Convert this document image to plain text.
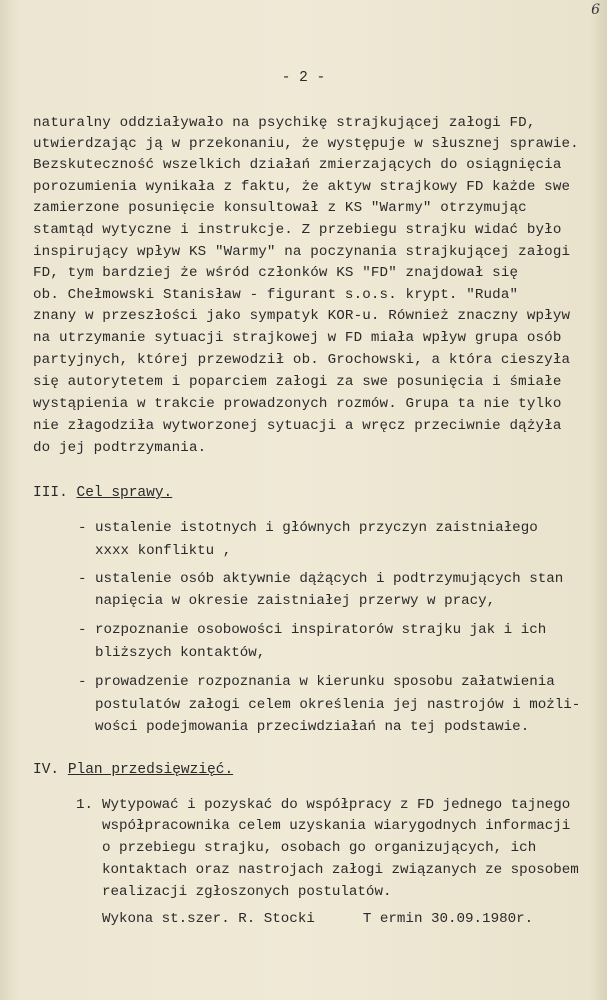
6
- 2 -
naturalny oddziaływało na psychikę strajkującej załogi FD,
utwierdzając ją w przekonaniu, że występuje w słusznej sprawie.
Bezskuteczność wszelkich działań zmierzających do osiągnięcia
porozumienia wynikała z faktu, że aktyw strajkowy FD każde swe
zamierzone posunięcie konsultował z KS "Warmy" otrzymując
stamtąd wytyczne i instrukcje. Z przebiegu strajku widać było
inspirujący wpływ KS "Warmy" na poczynania strajkującej załogi
FD, tym bardziej że wśród członków KS "FD" znajdował się
ob. Chełmowski Stanisław - figurant s.o.s. krypt. "Ruda"
znany w przeszłości jako sympatyk KOR-u. Również znaczny wpływ
na utrzymanie sytuacji strajkowej w FD miała wpływ grupa osób
partyjnych, której przewodził ob. Grochowski, a która cieszyła
się autorytetem i poparciem załogi za swe posunięcia i śmiałe
wystąpienia w trakcie prowadzonych rozmów. Grupa ta nie tylko
nie złagodziła wytworzonej sytuacji a wręcz przeciwnie dążyła
do jej podtrzymania.
III. Cel sprawy.
- ustalenie istotnych i głównych przyczyn zaistniałego
xxxx konfliktu ,
- ustalenie osób aktywnie dążących i podtrzymujących stan
napięcia w okresie zaistniałej przerwy w pracy,
- rozpoznanie osobowości inspiratorów strajku jak i ich
bliższych kontaktów,
- prowadzenie rozpoznania w kierunku sposobu załatwienia
postulatów załogi celem określenia jej nastrojów i możli-
wości podejmowania przeciwdziałań na tej podstawie.
IV. Plan przedsięwzięć.
1. Wytypować i pozyskać do współpracy z FD jednego tajnego
współpracownika celem uzyskania wiarygodnych informacji
o przebiegu strajku, osobach go organizujących, ich
kontaktach oraz nastrojach załogi związanych ze sposobem
realizacji zgłoszonych postulatów.
Wykona st.szer. R. Stocki	T ermin 30.09.1980r.
